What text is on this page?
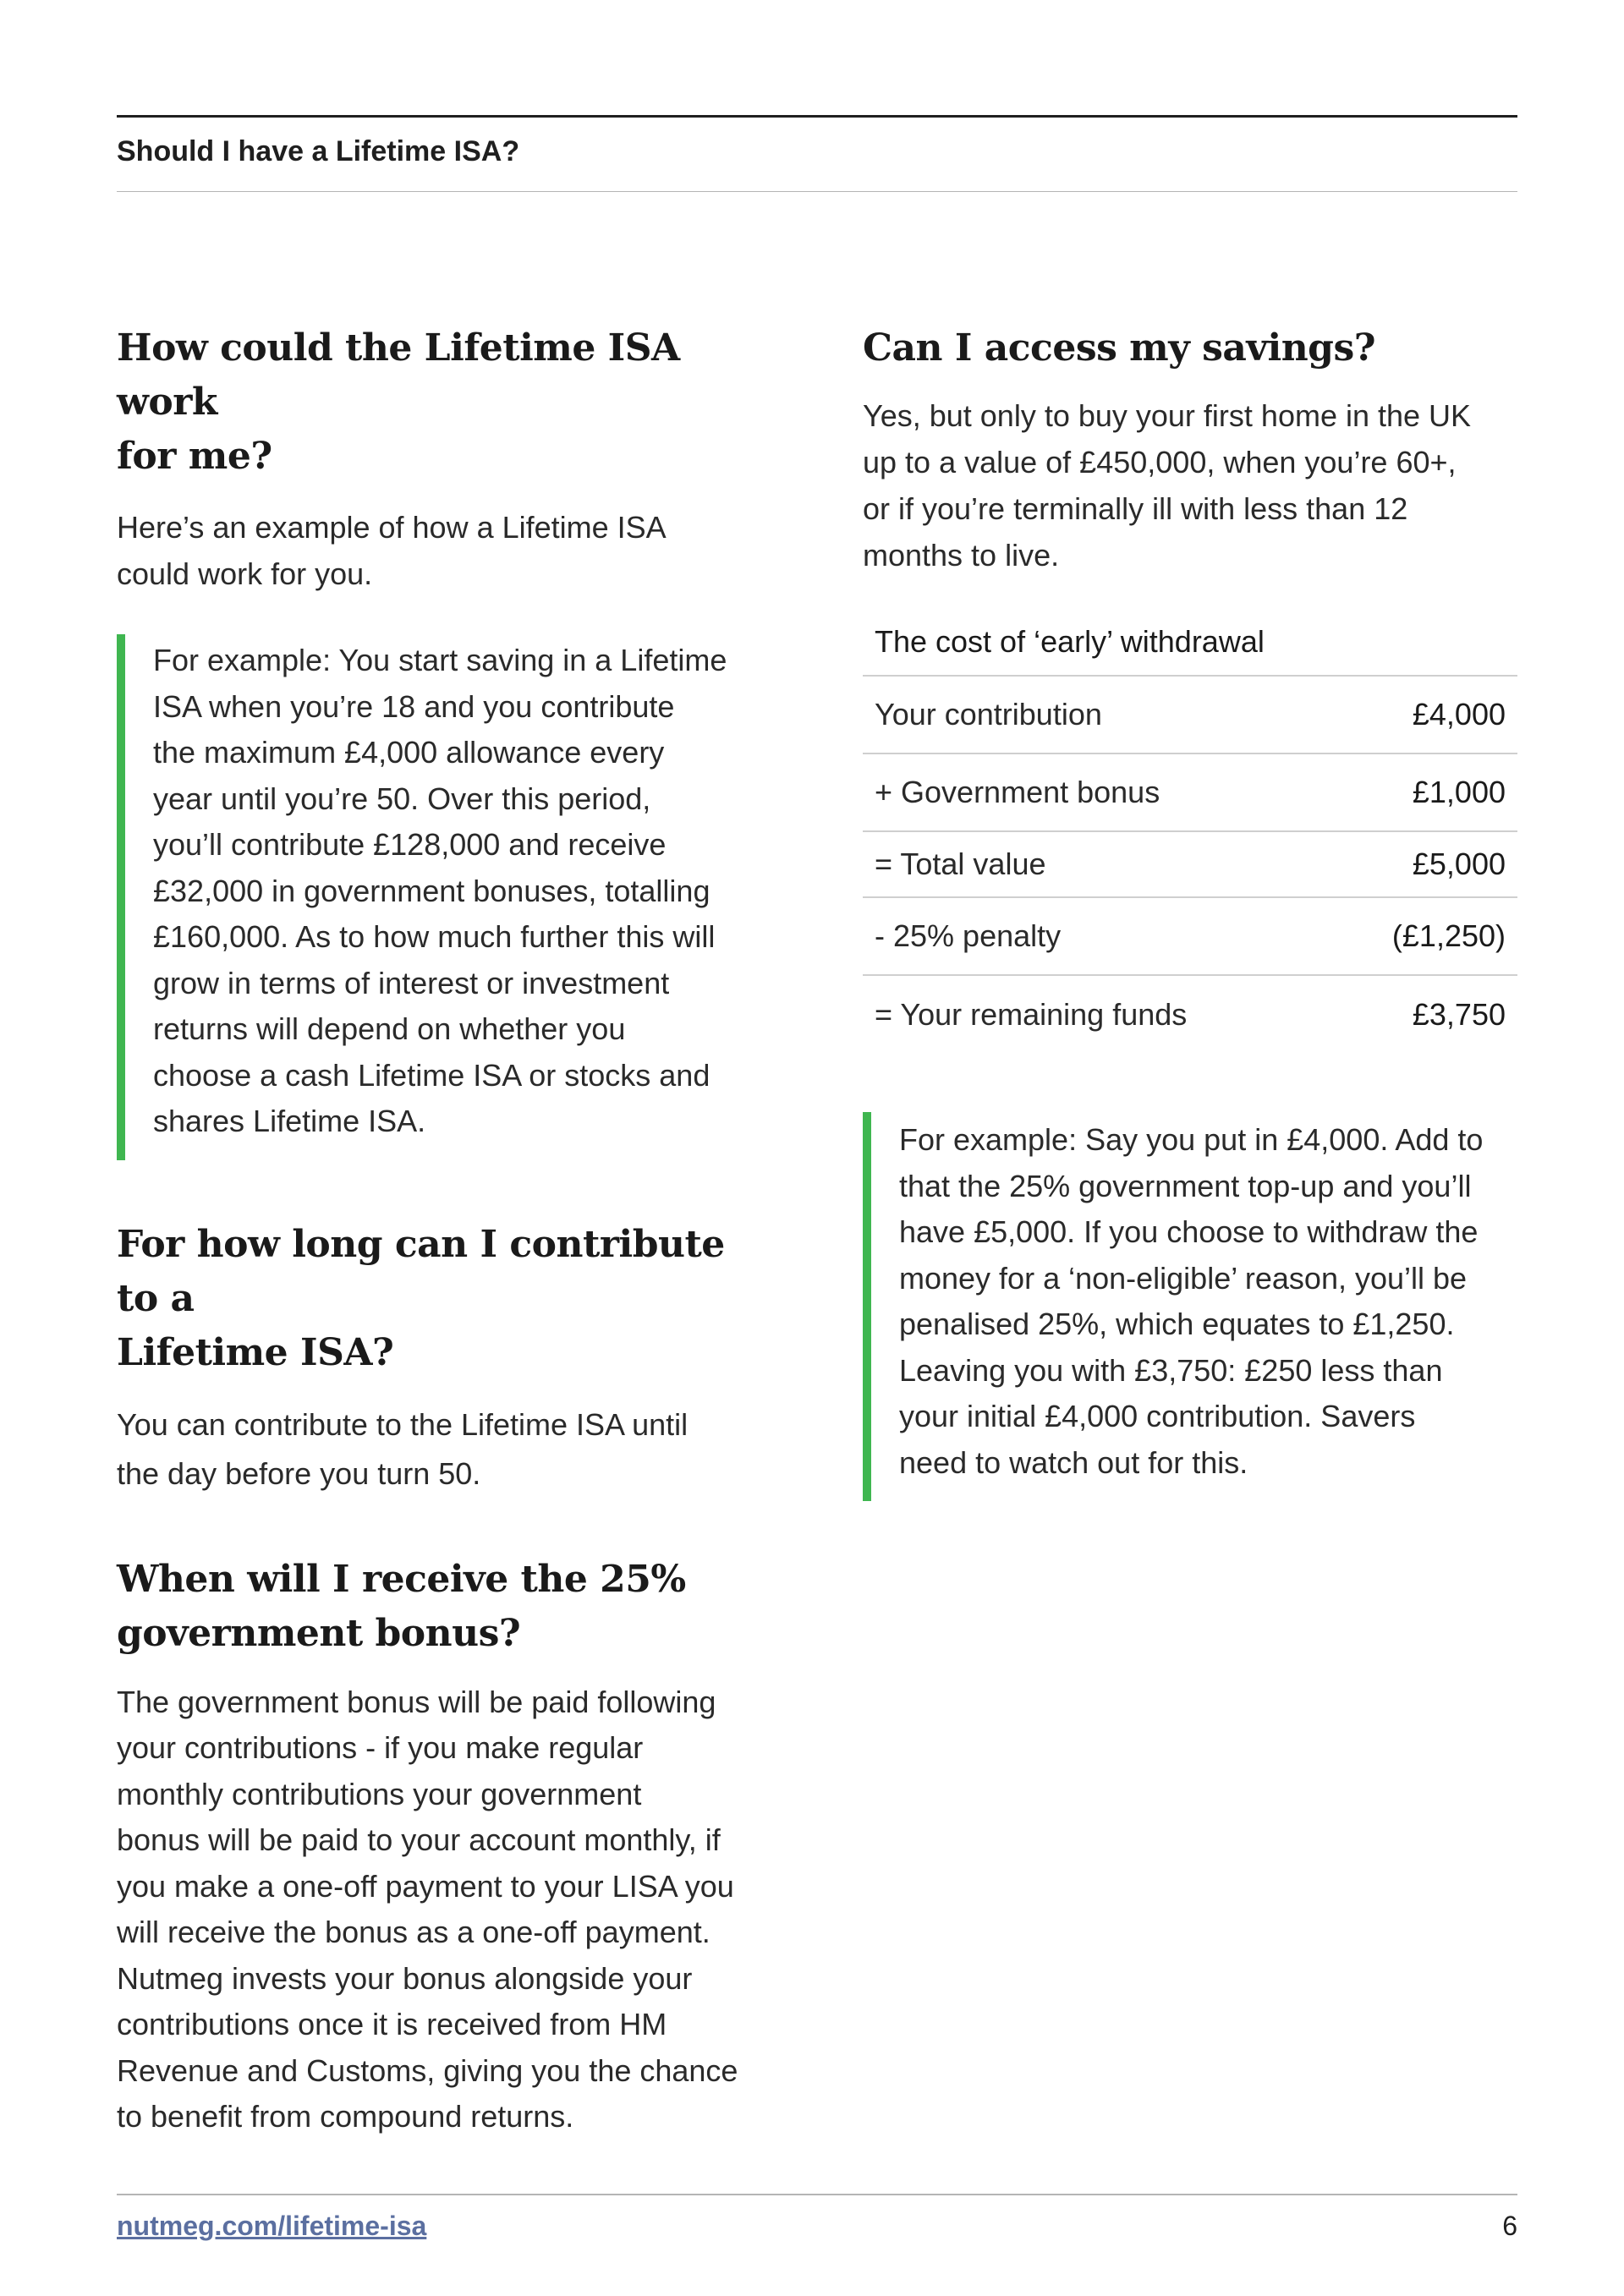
Should I have a Lifetime ISA?
How could the Lifetime ISA work
for me?

Here’s an example of how a Lifetime ISA
could work for you.

For example: You start saving in a Lifetime
ISA when you’re 18 and you contribute
the maximum £4,000 allowance every
year until you’re 50. Over this period,
you’ll contribute £128,000 and receive
£32,000 in government bonuses, totalling
£160,000. As to how much further this will
grow in terms of interest or investment
returns will depend on whether you
choose a cash Lifetime ISA or stocks and
shares Lifetime ISA.

For how long can I contribute to a
Lifetime ISA?

You can contribute to the Lifetime ISA until
the day before you turn 50.

When will I receive the 25%
government bonus?

The government bonus will be paid following
your contributions - if you make regular
monthly contributions your government
bonus will be paid to your account monthly, if
you make a one-off payment to your LISA you
will receive the bonus as a one-off payment.
Nutmeg invests your bonus alongside your
contributions once it is received from HM
Revenue and Customs, giving you the chance
to benefit from compound returns.

Can I access my savings?

Yes, but only to buy your first home in the UK
up to a value of £450,000, when you’re 60+,
or if you’re terminally ill with less than 12
months to live.

The cost of ‘early’ withdrawal	
Your contribution	£4,000
+ Government bonus	£1,000
= Total value	£5,000
- 25% penalty	(£1,250)
= Your remaining funds	£3,750

For example: Say you put in £4,000. Add to
that the 25% government top-up and you’ll
have £5,000. If you choose to withdraw the
money for a ‘non-eligible’ reason, you’ll be
penalised 25%, which equates to £1,250.
Leaving you with £3,750: £250 less than
your initial £4,000 contribution. Savers
need to watch out for this.

nutmeg.com/lifetime-isa	6
